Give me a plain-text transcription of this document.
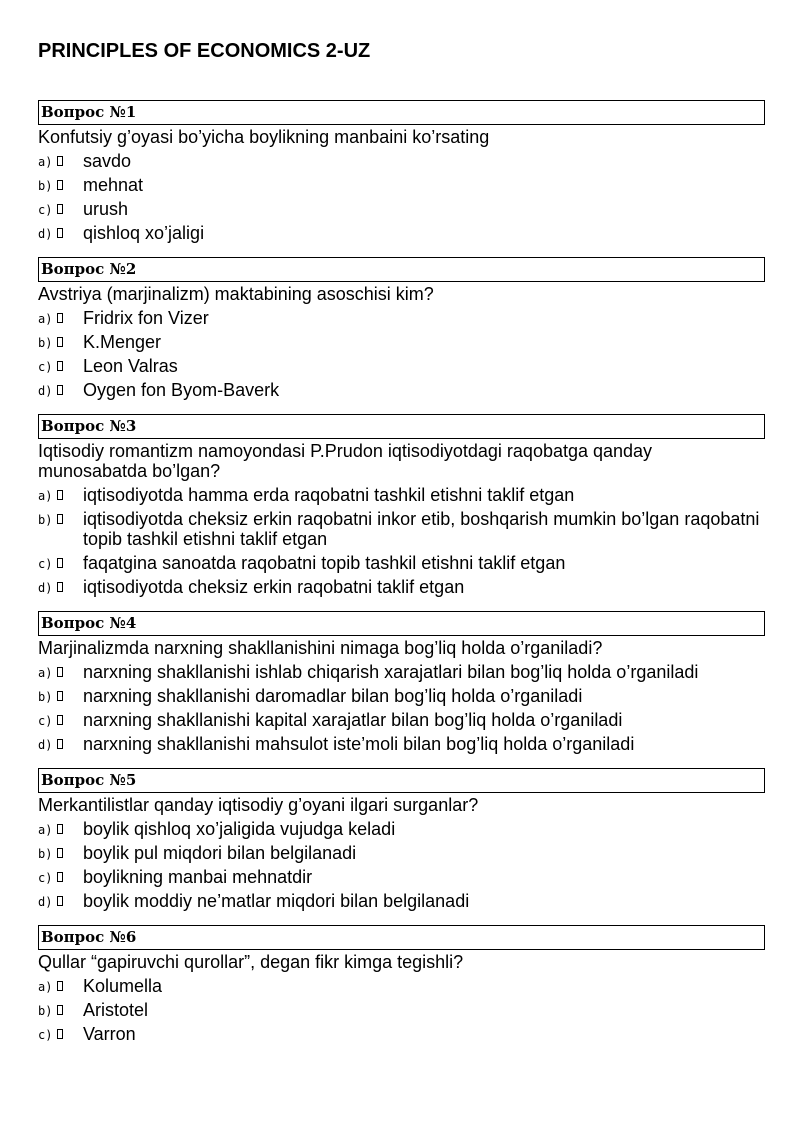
PRINCIPLES OF ECONOMICS 2-UZ
Вопрос №1
Konfutsiy g’oyasi bo’yicha boylikning manbaini ko’rsating
a) savdo
b) mehnat
c) urush
d) qishloq xo’jaligi
Вопрос №2
Avstriya (marjinalizm) maktabining asoschisi kim?
a) Fridrix fon Vizer
b) K.Menger
c) Leon Valras
d) Oygen fon Byom-Baverk
Вопрос №3
Iqtisodiy romantizm namoyondasi P.Prudon iqtisodiyotdagi raqobatga qanday munosabatda bo’lgan?
a) iqtisodiyotda hamma erda raqobatni tashkil etishni taklif etgan
b) iqtisodiyotda cheksiz erkin raqobatni inkor etib, boshqarish mumkin bo’lgan raqobatni topib tashkil etishni taklif etgan
c) faqatgina sanoatda raqobatni topib tashkil etishni taklif etgan
d) iqtisodiyotda cheksiz erkin raqobatni taklif etgan
Вопрос №4
Marjinalizmda narxning shakllanishini nimaga bog’liq holda o’rganiladi?
a) narxning shakllanishi ishlab chiqarish xarajatlari bilan bog’liq holda o’rganiladi
b) narxning shakllanishi daromadlar bilan bog’liq holda o’rganiladi
c) narxning shakllanishi kapital xarajatlar bilan bog’liq holda o’rganiladi
d) narxning shakllanishi mahsulot iste’moli bilan bog’liq holda o’rganiladi
Вопрос №5
Merkantilistlar qanday iqtisodiy g’oyani ilgari surganlar?
a) boylik qishloq xo’jaligida vujudga keladi
b) boylik pul miqdori bilan belgilanadi
c) boylikning manbai mehnatdir
d) boylik moddiy ne’matlar miqdori bilan belgilanadi
Вопрос №6
Qullar “gapiruvchi qurollar”, degan fikr kimga tegishli?
a) Kolumella
b) Aristotel
c) Varron
